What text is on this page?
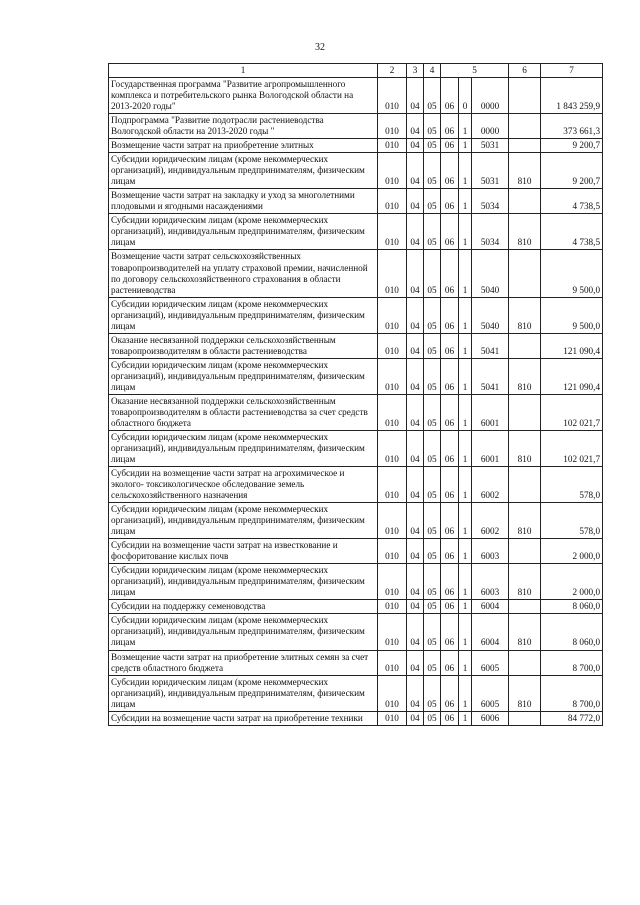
32
1	2	3	4	5			6	7
Государственная программа "Развитие агропромышленного комплекса и потребительского рынка Вологодской области на 2013-2020 годы"	010	04	05	06	0	0000		1 843 259,9
Подпрограмма "Развитие подотрасли растениеводства Вологодской области на 2013-2020 годы "	010	04	05	06	1	0000		373 661,3
Возмещение части затрат на приобретение элитных	010	04	05	06	1	5031		9 200,7
Субсидии юридическим лицам (кроме некоммерческих организаций), индивидуальным предпринимателям, физическим лицам	010	04	05	06	1	5031	810	9 200,7
Возмещение части затрат на закладку и уход за многолетними плодовыми и ягодными насаждениями	010	04	05	06	1	5034		4 738,5
Субсидии юридическим лицам (кроме некоммерческих организаций), индивидуальным предпринимателям, физическим лицам	010	04	05	06	1	5034	810	4 738,5
Возмещение части затрат сельскохозяйственных товаропроизводителей на уплату страховой премии, начисленной по договору сельскохозяйственного страхования в области растениеводства	010	04	05	06	1	5040		9 500,0
Субсидии юридическим лицам (кроме некоммерческих организаций), индивидуальным предпринимателям, физическим лицам	010	04	05	06	1	5040	810	9 500,0
Оказание несвязанной поддержки сельскохозяйственным товаропроизводителям в области растениеводства	010	04	05	06	1	5041		121 090,4
Субсидии юридическим лицам (кроме некоммерческих организаций), индивидуальным предпринимателям, физическим лицам	010	04	05	06	1	5041	810	121 090,4
Оказание несвязанной поддержки сельскохозяйственным товаропроизводителям в области растениеводства за счет средств областного бюджета	010	04	05	06	1	6001		102 021,7
Субсидии юридическим лицам (кроме некоммерческих организаций), индивидуальным предпринимателям, физическим лицам	010	04	05	06	1	6001	810	102 021,7
Субсидии на возмещение части затрат на агрохимическое и эколого- токсикологическое обследование земель сельскохозяйственного назначения	010	04	05	06	1	6002		578,0
Субсидии юридическим лицам (кроме некоммерческих организаций), индивидуальным предпринимателям, физическим лицам	010	04	05	06	1	6002	810	578,0
Субсидии на возмещение части затрат на известкование и фосфоритование кислых почв	010	04	05	06	1	6003		2 000,0
Субсидии юридическим лицам (кроме некоммерческих организаций), индивидуальным предпринимателям, физическим лицам	010	04	05	06	1	6003	810	2 000,0
Субсидии на поддержку семеноводства	010	04	05	06	1	6004		8 060,0
Субсидии юридическим лицам (кроме некоммерческих организаций), индивидуальным предпринимателям, физическим лицам	010	04	05	06	1	6004	810	8 060,0
Возмещение части затрат на приобретение элитных семян за счет средств областного бюджета	010	04	05	06	1	6005		8 700,0
Субсидии юридическим лицам (кроме некоммерческих организаций), индивидуальным предпринимателям, физическим лицам	010	04	05	06	1	6005	810	8 700,0
Субсидии на возмещение части затрат на приобретение техники	010	04	05	06	1	6006		84 772,0
